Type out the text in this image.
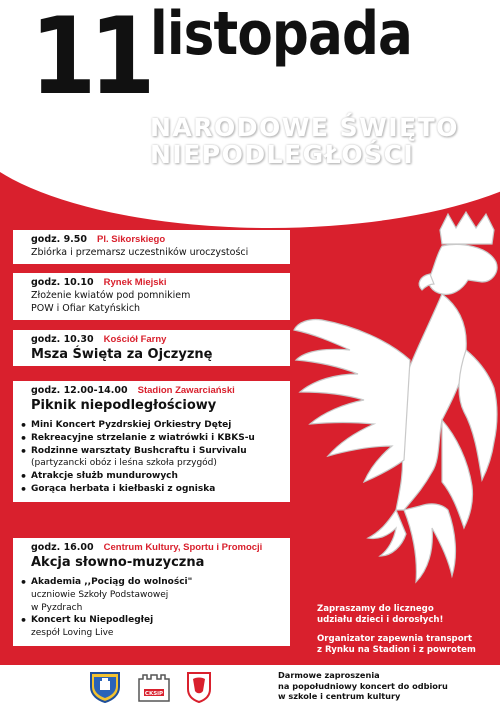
11 listopada
NARODOWE ŚWIĘTO
NIEPODLEGŁOŚCI
godz. 9.50 Pl. Sikorskiego
Zbiórka i przemarsz uczestników uroczystości
godz. 10.10 Rynek Miejski
Złożenie kwiatów pod pomnikiem
POW i Ofiar Katyńskich
godz. 10.30 Kościół Farny
Msza Święta za Ojczyznę
godz. 12.00-14.00 Stadion Zawarciański
Piknik niepodległościowy
• Mini Koncert Pyzdrskiej Orkiestry Dętej
• Rekreacyjne strzelanie z wiatrówki i KBKS-u
• Rodzinne warsztaty Bushcraftu i Survivalu
(partyzancki obóz i leśna szkoła przygód)
• Atrakcje służb mundurowych
• Gorąca herbata i kiełbaski z ogniska
godz. 16.00 Centrum Kultury, Sportu i Promocji
Akcja słowno-muzyczna
• Akademia ,,Pociąg do wolności"
uczniowie Szkoły Podstawowej
w Pyzdrach
• Koncert ku Niepodległej
zespół Loving Live
Zapraszamy do licznego
udziału dzieci i dorosłych!
Organizator zapewnia transport
z Rynku na Stadion i z powrotem
CKSiP
Darmowe zaproszenia
na popołudniowy koncert do odbioru
w szkole i centrum kultury
